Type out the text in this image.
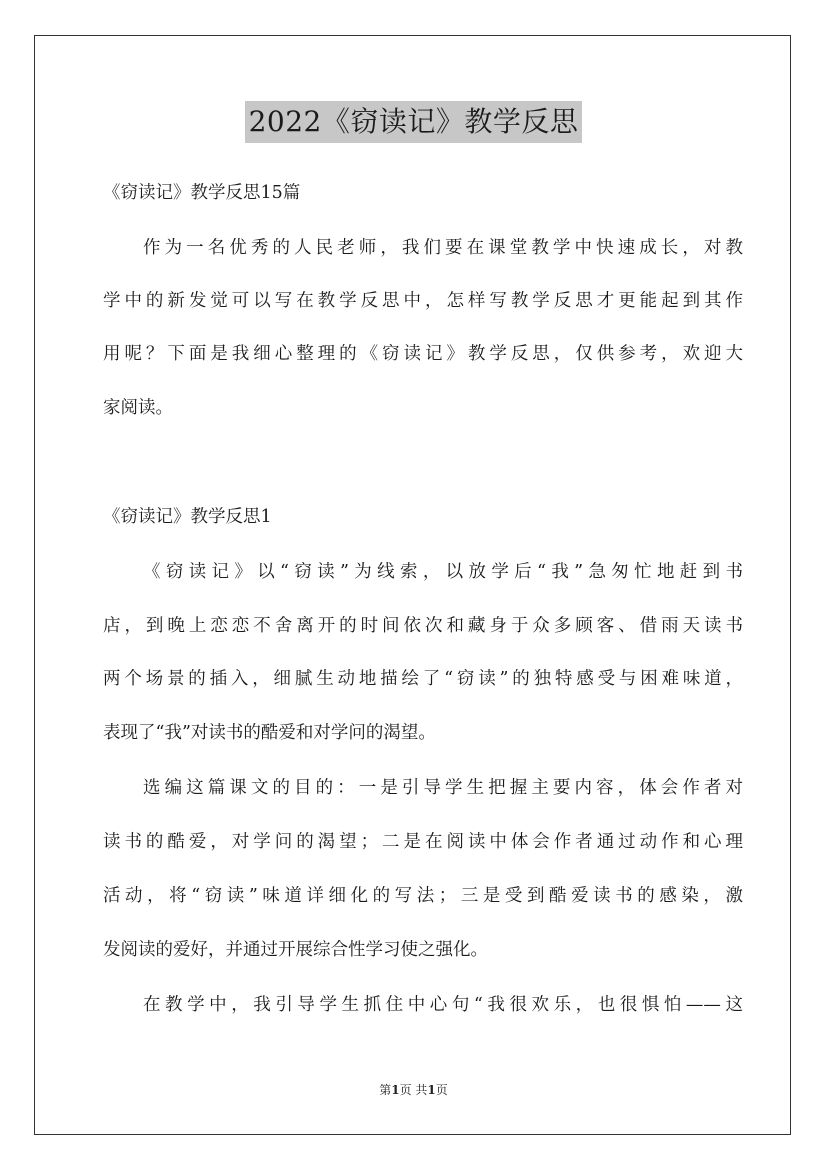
2022《窃读记》教学反思
《窃读记》教学反思15篇
作为一名优秀的人民老师，我们要在课堂教学中快速成长，对教
学中的新发觉可以写在教学反思中，怎样写教学反思才更能起到其作
用呢？下面是我细心整理的《窃读记》教学反思，仅供参考，欢迎大
家阅读。
《窃读记》教学反思1
《窃读记》以“窃读”为线索，以放学后“我”急匆忙地赶到书
店，到晚上恋恋不舍离开的时间依次和藏身于众多顾客、借雨天读书
两个场景的插入，细腻生动地描绘了“窃读”的独特感受与困难味道，
表现了“我”对读书的酷爱和对学问的渴望。
选编这篇课文的目的：一是引导学生把握主要内容，体会作者对
读书的酷爱，对学问的渴望；二是在阅读中体会作者通过动作和心理
活动，将“窃读”味道详细化的写法；三是受到酷爱读书的感染，激
发阅读的爱好，并通过开展综合性学习使之强化。
在教学中，我引导学生抓住中心句“我很欢乐，也很惧怕——这
第1页 共1页
